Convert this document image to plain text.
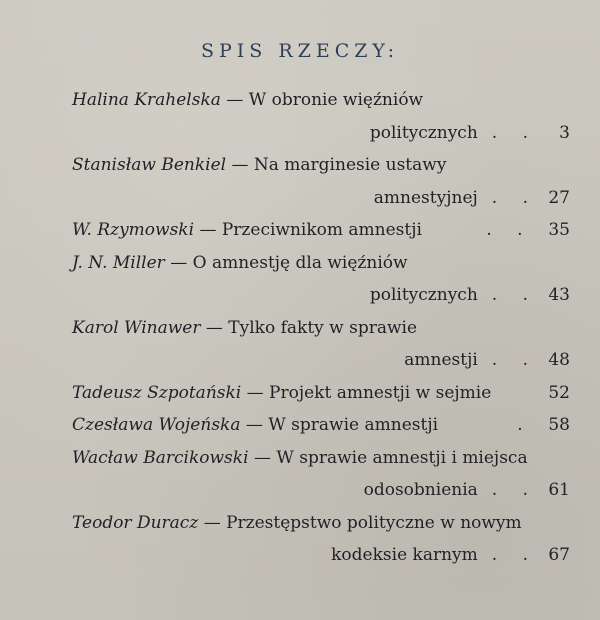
SPIS RZECZY:
Halina Krahelska — W obronie więźniów
politycznych . .	3
Stanisław Benkiel — Na marginesie ustawy
amnestyjnej . . 27
W. Rzymowski — Przeciwnikom amnestji	. . 35
J. N. Miller — O amnestję dla więźniów
politycznych . . 43
Karol Winawer — Tylko fakty w sprawie
amnestji . . 48
Tadeusz Szpotański — Projekt amnestji w sejmie	52
Czesława Wojeńska — W sprawie amnestji	. 58
Wacław Barcikowski — W sprawie amnestji i miejsca
odosobnienia . . 61
Teodor Duracz — Przestępstwo polityczne w nowym
kodeksie karnym . . 67
